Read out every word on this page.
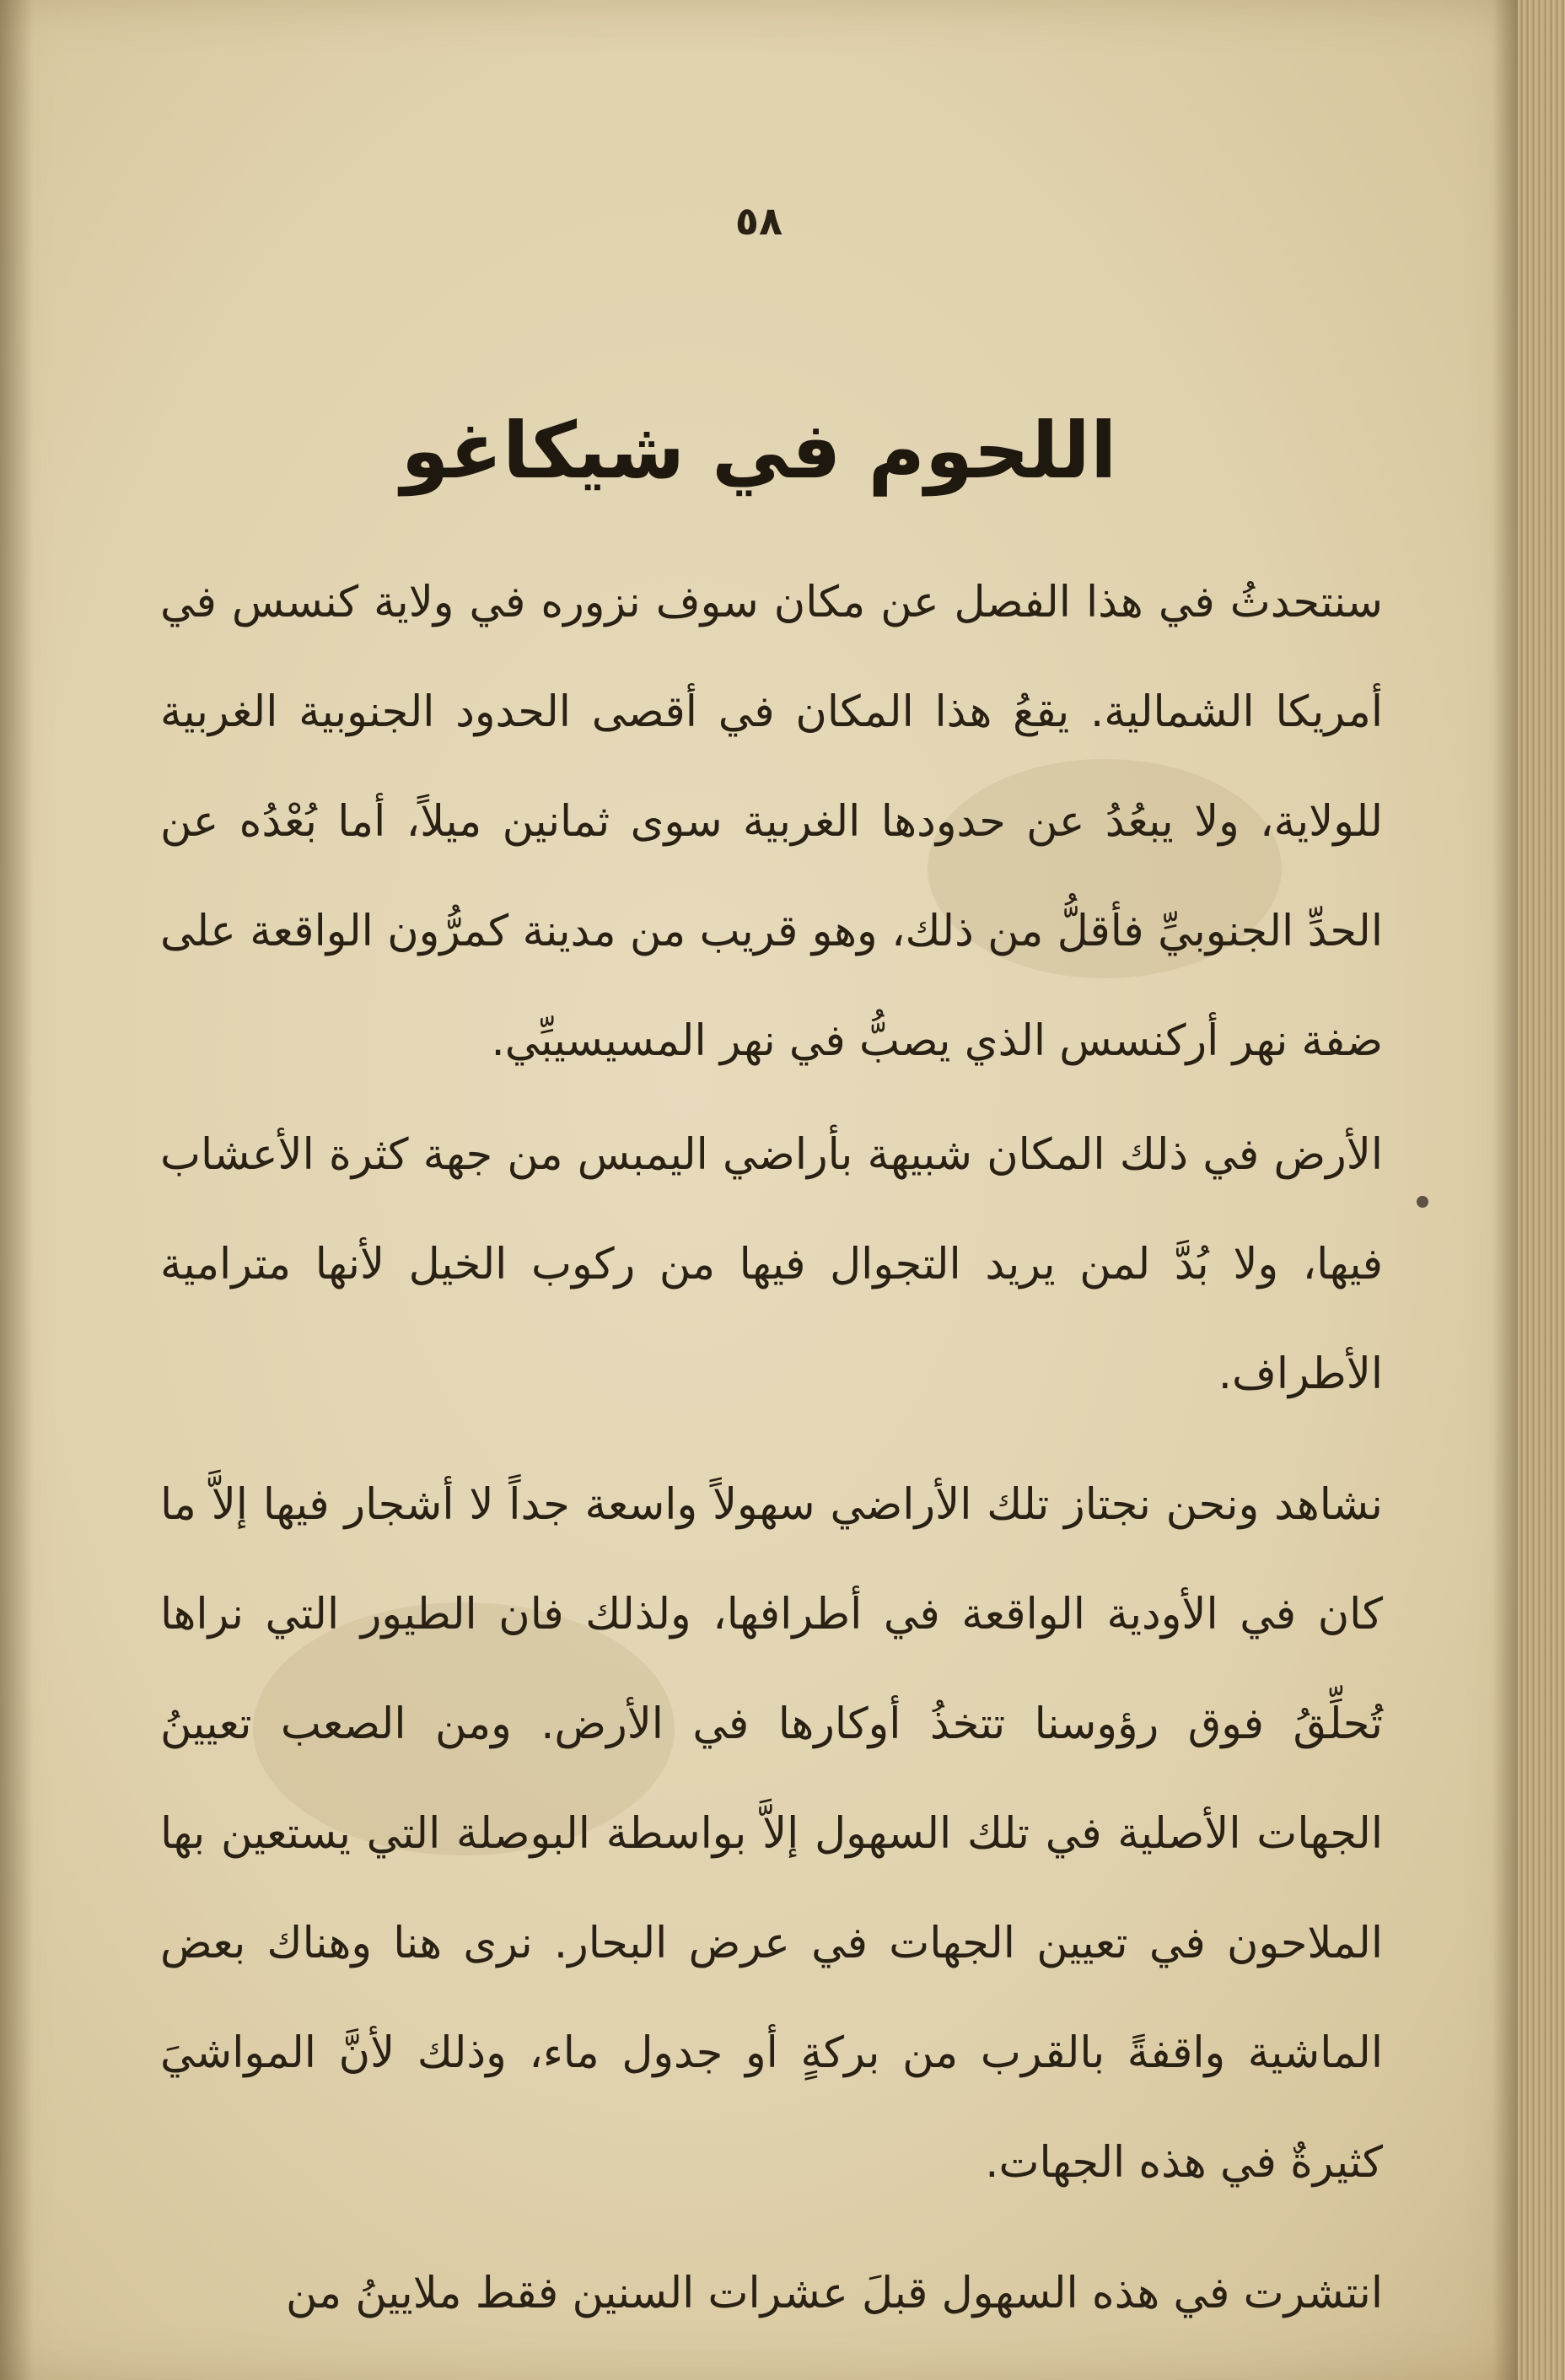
٥٨
اللحوم في شيكاغو

سنتحدثُ في هذا الفصل عن مكان سوف نزوره في ولاية كنسس في أمريكا الشمالية. يقعُ هذا المكان في أقصى الحدود الجنوبية الغربية للولاية، ولا يبعُدُ عن حدودها الغربية سوى ثمانين ميلاً، أما بُعْدُه عن الحدِّ الجنوبيِّ فأقلُّ من ذلك، وهو قريب من مدينة كمرُّون الواقعة على ضفة نهر أركنسس الذي يصبُّ في نهر المسيسيبِّي.

الأرض في ذلك المكان شبيهة بأراضي اليمبس من جهة كثرة الأعشاب فيها، ولا بُدَّ لمن يريد التجوال فيها من ركوب الخيل لأنها مترامية الأطراف.

نشاهد ونحن نجتاز تلك الأراضي سهولاً واسعة جداً لا أشجار فيها إلاَّ ما كان في الأودية الواقعة في أطرافها، ولذلك فان الطيور التي نراها تُحلِّقُ فوق رؤوسنا تتخذُ أوكارها في الأرض. ومن الصعب تعيينُ الجهات الأصلية في تلك السهول إلاَّ بواسطة البوصلة التي يستعين بها الملاحون في تعيين الجهات في عرض البحار. نرى هنا وهناك بعض الماشية واقفةً بالقرب من بركةٍ أو جدول ماء، وذلك لأنَّ المواشيَ كثيرةٌ في هذه الجهات.

انتشرت في هذه السهول قبلَ عشرات السنين فقط ملايينُ من
